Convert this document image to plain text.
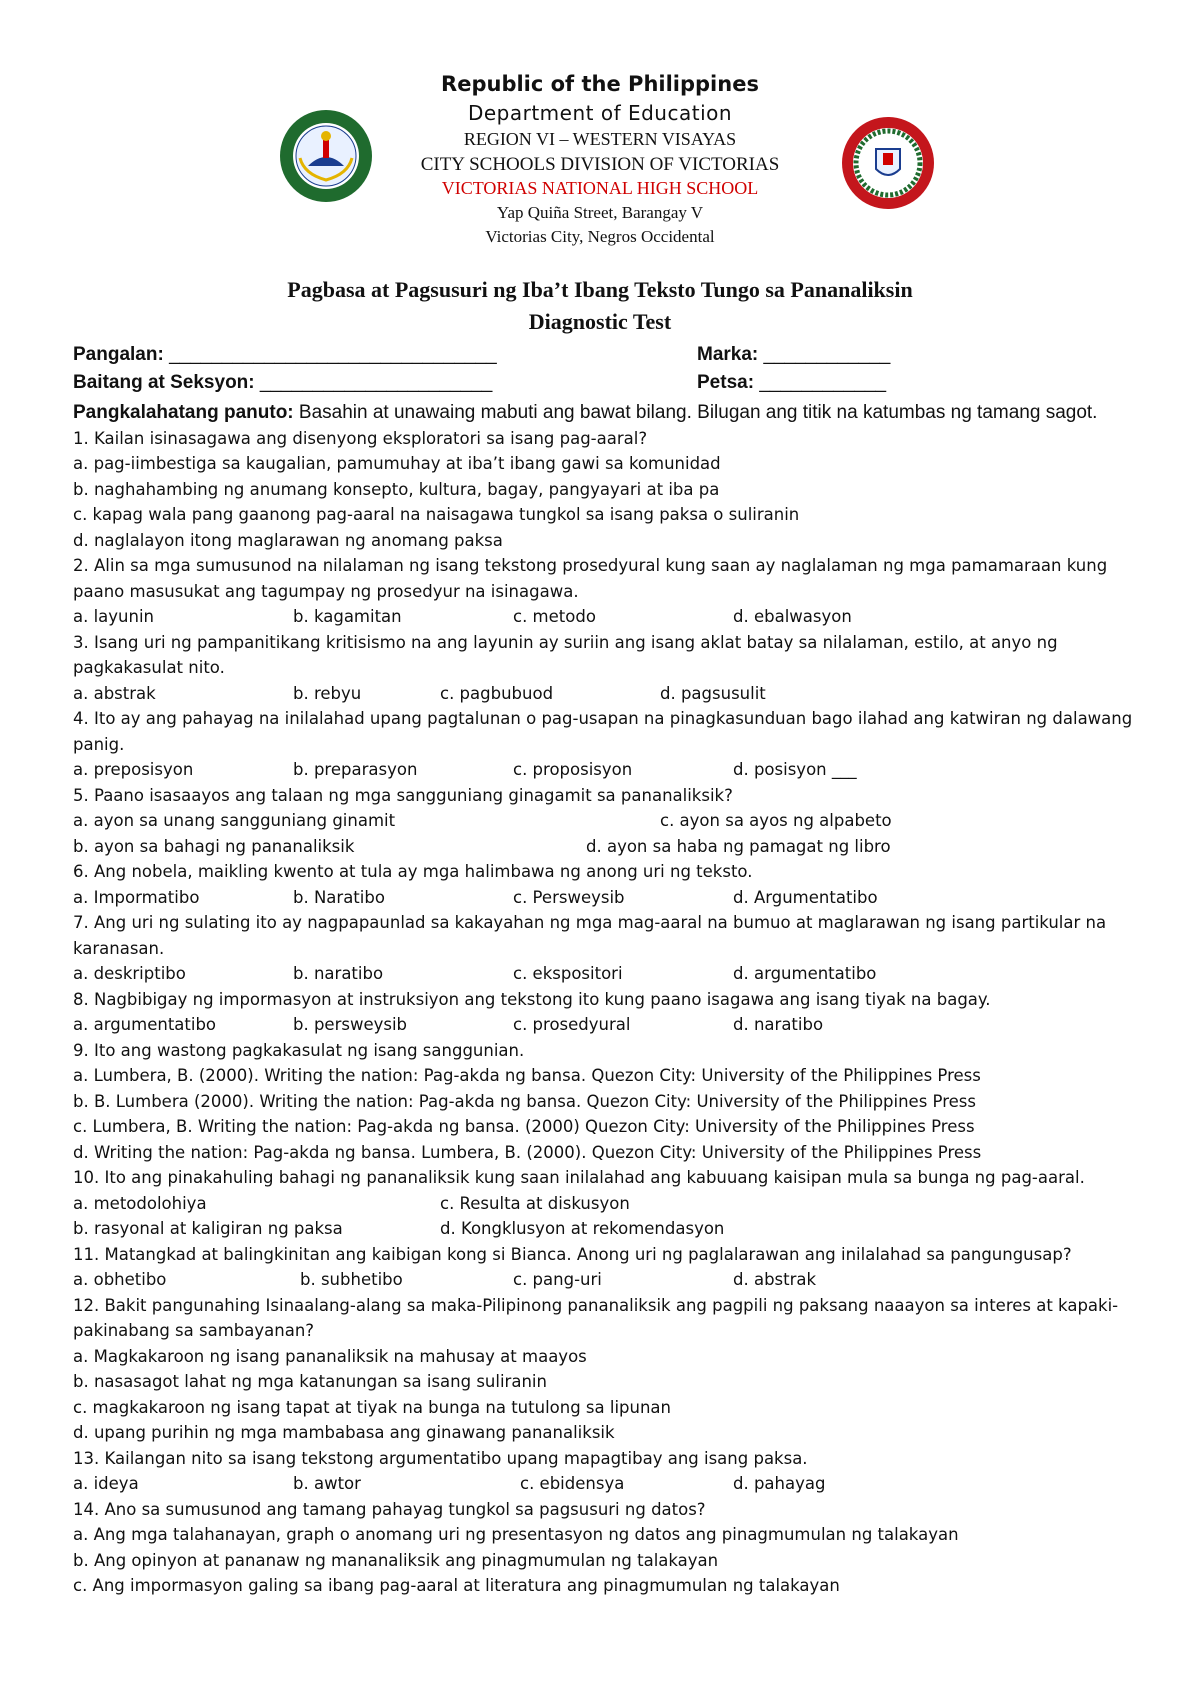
Republic of the Philippines
Department of Education
REGION VI – WESTERN VISAYAS
CITY SCHOOLS DIVISION OF VICTORIAS
VICTORIAS NATIONAL HIGH SCHOOL
Yap Quiña Street, Barangay V
Victorias City, Negros Occidental
Pagbasa at Pagsusuri ng Iba’t Ibang Teksto Tungo sa Pananaliksin
Diagnostic Test
Pangalan: _______________________________	Marka: ____________
Baitang at Seksyon: ______________________	Petsa: ____________
Pangkalahatang panuto: Basahin at unawaing mabuti ang bawat bilang. Bilugan ang titik na katumbas ng tamang sagot.
1. Kailan isinasagawa ang disenyong eksploratori sa isang pag-aaral?
a. pag-iimbestiga sa kaugalian, pamumuhay at iba’t ibang gawi sa komunidad
b. naghahambing ng anumang konsepto, kultura, bagay, pangyayari at iba pa
c. kapag wala pang gaanong pag-aaral na naisagawa tungkol sa isang paksa o suliranin
d. naglalayon itong maglarawan ng anomang paksa
2. Alin sa mga sumusunod na nilalaman ng isang tekstong prosedyural kung saan ay naglalaman ng mga pamamaraan kung paano masusukat ang tagumpay ng prosedyur na isinagawa.
a. layunin	b. kagamitan	c. metodo	d. ebalwasyon
3. Isang uri ng pampanitikang kritisismo na ang layunin ay suriin ang isang aklat batay sa nilalaman, estilo, at anyo ng pagkakasulat nito.
a. abstrak	b. rebyu	c. pagbubuod	d. pagsusulit
4. Ito ay ang pahayag na inilalahad upang pagtalunan o pag-usapan na pinagkasunduan bago ilahad ang katwiran ng dalawang panig.
a. preposisyon	b. preparasyon	c. proposisyon	d. posisyon ___
5. Paano isasaayos ang talaan ng mga sangguniang ginagamit sa pananaliksik?
a. ayon sa unang sangguniang ginamit	c. ayon sa ayos ng alpabeto
b. ayon sa bahagi ng pananaliksik	d. ayon sa haba ng pamagat ng libro
6. Ang nobela, maikling kwento at tula ay mga halimbawa ng anong uri ng teksto.
a. Impormatibo	b. Naratibo	c. Persweysib	d. Argumentatibo
7. Ang uri ng sulating ito ay nagpapaunlad sa kakayahan ng mga mag-aaral na bumuo at maglarawan ng isang partikular na karanasan.
a. deskriptibo	b. naratibo	c. ekspositori	d. argumentatibo
8. Nagbibigay ng impormasyon at instruksiyon ang tekstong ito kung paano isagawa ang isang tiyak na bagay.
a. argumentatibo	b. persweysib	c. prosedyural	d. naratibo
9. Ito ang wastong pagkakasulat ng isang sanggunian.
a. Lumbera, B. (2000). Writing the nation: Pag-akda ng bansa. Quezon City: University of the Philippines Press
b. B. Lumbera (2000). Writing the nation: Pag-akda ng bansa. Quezon City: University of the Philippines Press
c. Lumbera, B. Writing the nation: Pag-akda ng bansa. (2000) Quezon City: University of the Philippines Press
d. Writing the nation: Pag-akda ng bansa. Lumbera, B. (2000). Quezon City: University of the Philippines Press
10. Ito ang pinakahuling bahagi ng pananaliksik kung saan inilalahad ang kabuuang kaisipan mula sa bunga ng pag-aaral.
a. metodolohiya	c. Resulta at diskusyon
b. rasyonal at kaligiran ng paksa	d. Kongklusyon at rekomendasyon
11. Matangkad at balingkinitan ang kaibigan kong si Bianca. Anong uri ng paglalarawan ang inilalahad sa pangungusap?
a. obhetibo	b. subhetibo	c. pang-uri	d. abstrak
12. Bakit pangunahing Isinaalang-alang sa maka-Pilipinong pananaliksik ang pagpili ng paksang naaayon sa interes at kapaki-pakinabang sa sambayanan?
a. Magkakaroon ng isang pananaliksik na mahusay at maayos
b. nasasagot lahat ng mga katanungan sa isang suliranin
c. magkakaroon ng isang tapat at tiyak na bunga na tutulong sa lipunan
d. upang purihin ng mga mambabasa ang ginawang pananaliksik
13. Kailangan nito sa isang tekstong argumentatibo upang mapagtibay ang isang paksa.
a. ideya	b. awtor	c. ebidensya	d. pahayag
14. Ano sa sumusunod ang tamang pahayag tungkol sa pagsusuri ng datos?
a. Ang mga talahanayan, graph o anomang uri ng presentasyon ng datos ang pinagmumulan ng talakayan
b. Ang opinyon at pananaw ng mananaliksik ang pinagmumulan ng talakayan
c. Ang impormasyon galing sa ibang pag-aaral at literatura ang pinagmumulan ng talakayan
